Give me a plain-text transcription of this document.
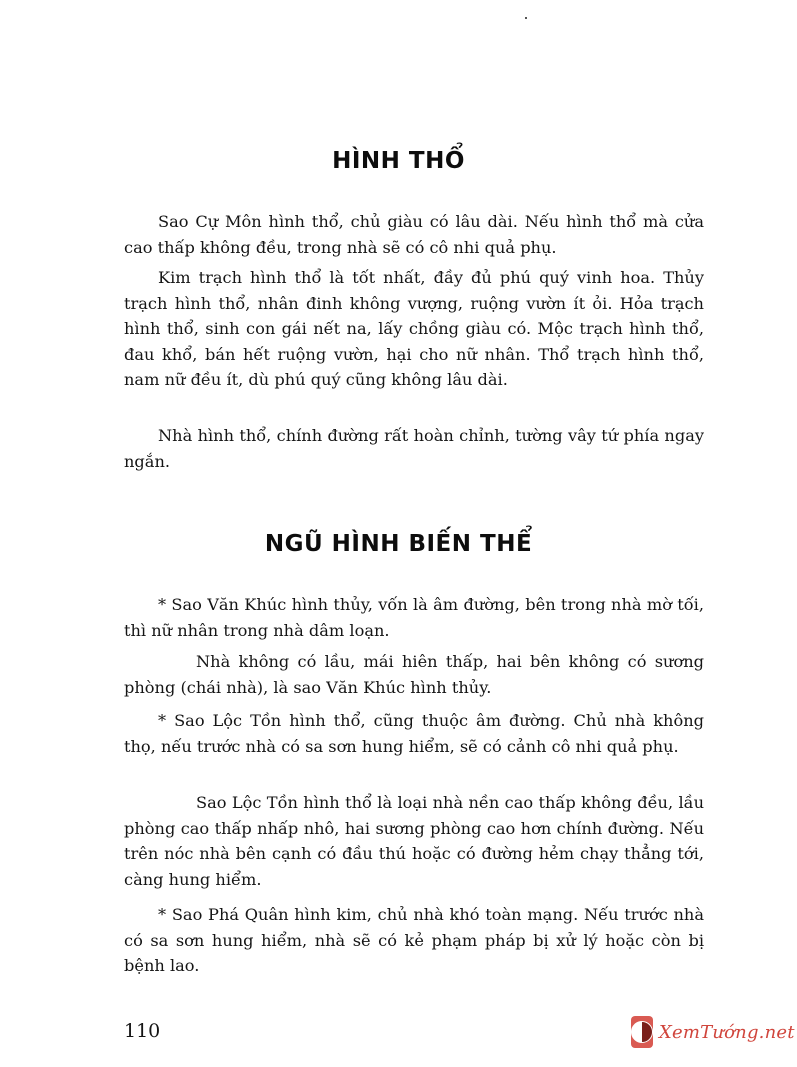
HÌNH THỔ

Sao Cự Môn hình thổ, chủ giàu có lâu dài. Nếu hình thổ mà cửa cao thấp không đều, trong nhà sẽ có cô nhi quả phụ.

Kim trạch hình thổ là tốt nhất, đầy đủ phú quý vinh hoa. Thủy trạch hình thổ, nhân đinh không vượng, ruộng vườn ít ỏi. Hỏa trạch hình thổ, sinh con gái nết na, lấy chồng giàu có. Mộc trạch hình thổ, đau khổ, bán hết ruộng vườn, hại cho nữ nhân. Thổ trạch hình thổ, nam nữ đều ít, dù phú quý cũng không lâu dài.

Nhà hình thổ, chính đường rất hoàn chỉnh, tường vây tứ phía ngay ngắn.

NGŨ HÌNH BIẾN THỂ

* Sao Văn Khúc hình thủy, vốn là âm đường, bên trong nhà mờ tối, thì nữ nhân trong nhà dâm loạn.

Nhà không có lầu, mái hiên thấp, hai bên không có sương phòng (chái nhà), là sao Văn Khúc hình thủy.

* Sao Lộc Tồn hình thổ, cũng thuộc âm đường. Chủ nhà không thọ, nếu trước nhà có sa sơn hung hiểm, sẽ có cảnh cô nhi quả phụ.

Sao Lộc Tồn hình thổ là loại nhà nền cao thấp không đều, lầu phòng cao thấp nhấp nhô, hai sương phòng cao hơn chính đường. Nếu trên nóc nhà bên cạnh có đầu thú hoặc có đường hẻm chạy thẳng tới, càng hung hiểm.

* Sao Phá Quân hình kim, chủ nhà khó toàn mạng. Nếu trước nhà có sa sơn hung hiểm, nhà sẽ có kẻ phạm pháp bị xử lý hoặc còn bị bệnh lao.

110	XemTướng.net
